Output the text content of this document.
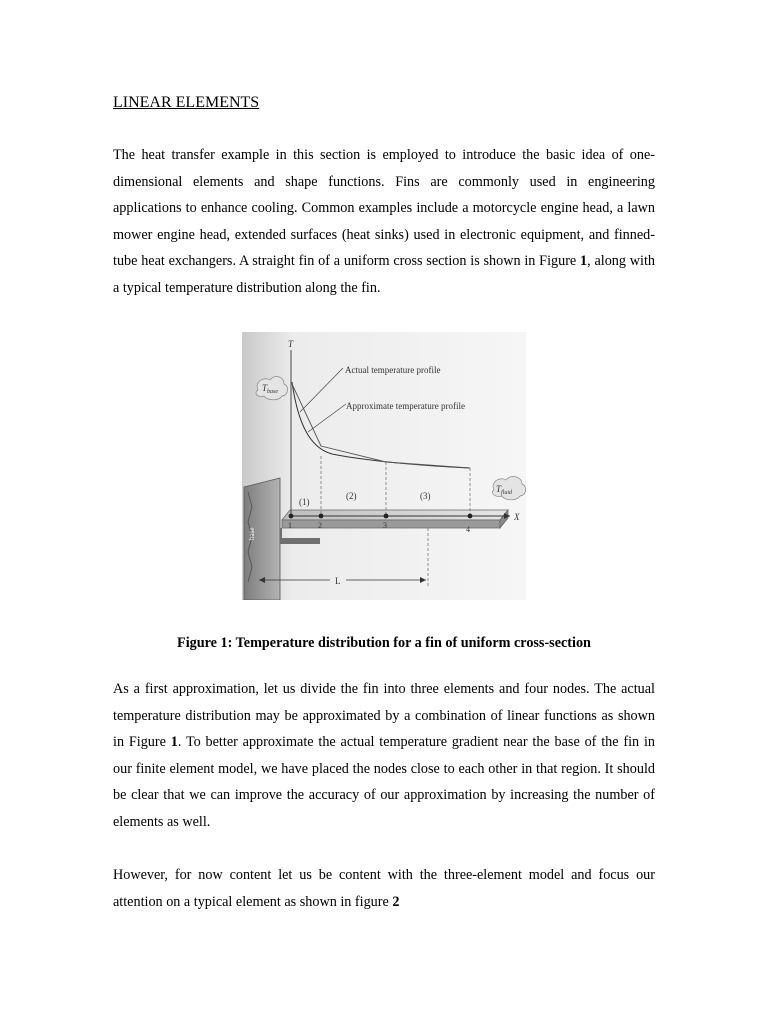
LINEAR ELEMENTS

The heat transfer example in this section is employed to introduce the basic idea of one-dimensional elements and shape functions. Fins are commonly used in engineering applications to enhance cooling. Common examples include a motorcycle engine head, a lawn mower engine head, extended surfaces (heat sinks) used in electronic equipment, and finned-tube heat exchangers. A straight fin of a uniform cross section is shown in Figure 1, along with a typical temperature distribution along the fin.

base
T
X
Actual temperature profile
Approximate temperature profile
$T_{base}$
$T_{fluid}$
(1)
(2)	(3)
1	2	3	4
L
Figure 1: Temperature distribution for a fin of uniform cross-section

As a first approximation, let us divide the fin into three elements and four nodes. The actual temperature distribution may be approximated by a combination of linear functions as shown in Figure 1. To better approximate the actual temperature gradient near the base of the fin in our finite element model, we have placed the nodes close to each other in that region. It should be clear that we can improve the accuracy of our approximation by increasing the number of elements as well.

However, for now content let us be content with the three-element model and focus our attention on a typical element as shown in figure 2
